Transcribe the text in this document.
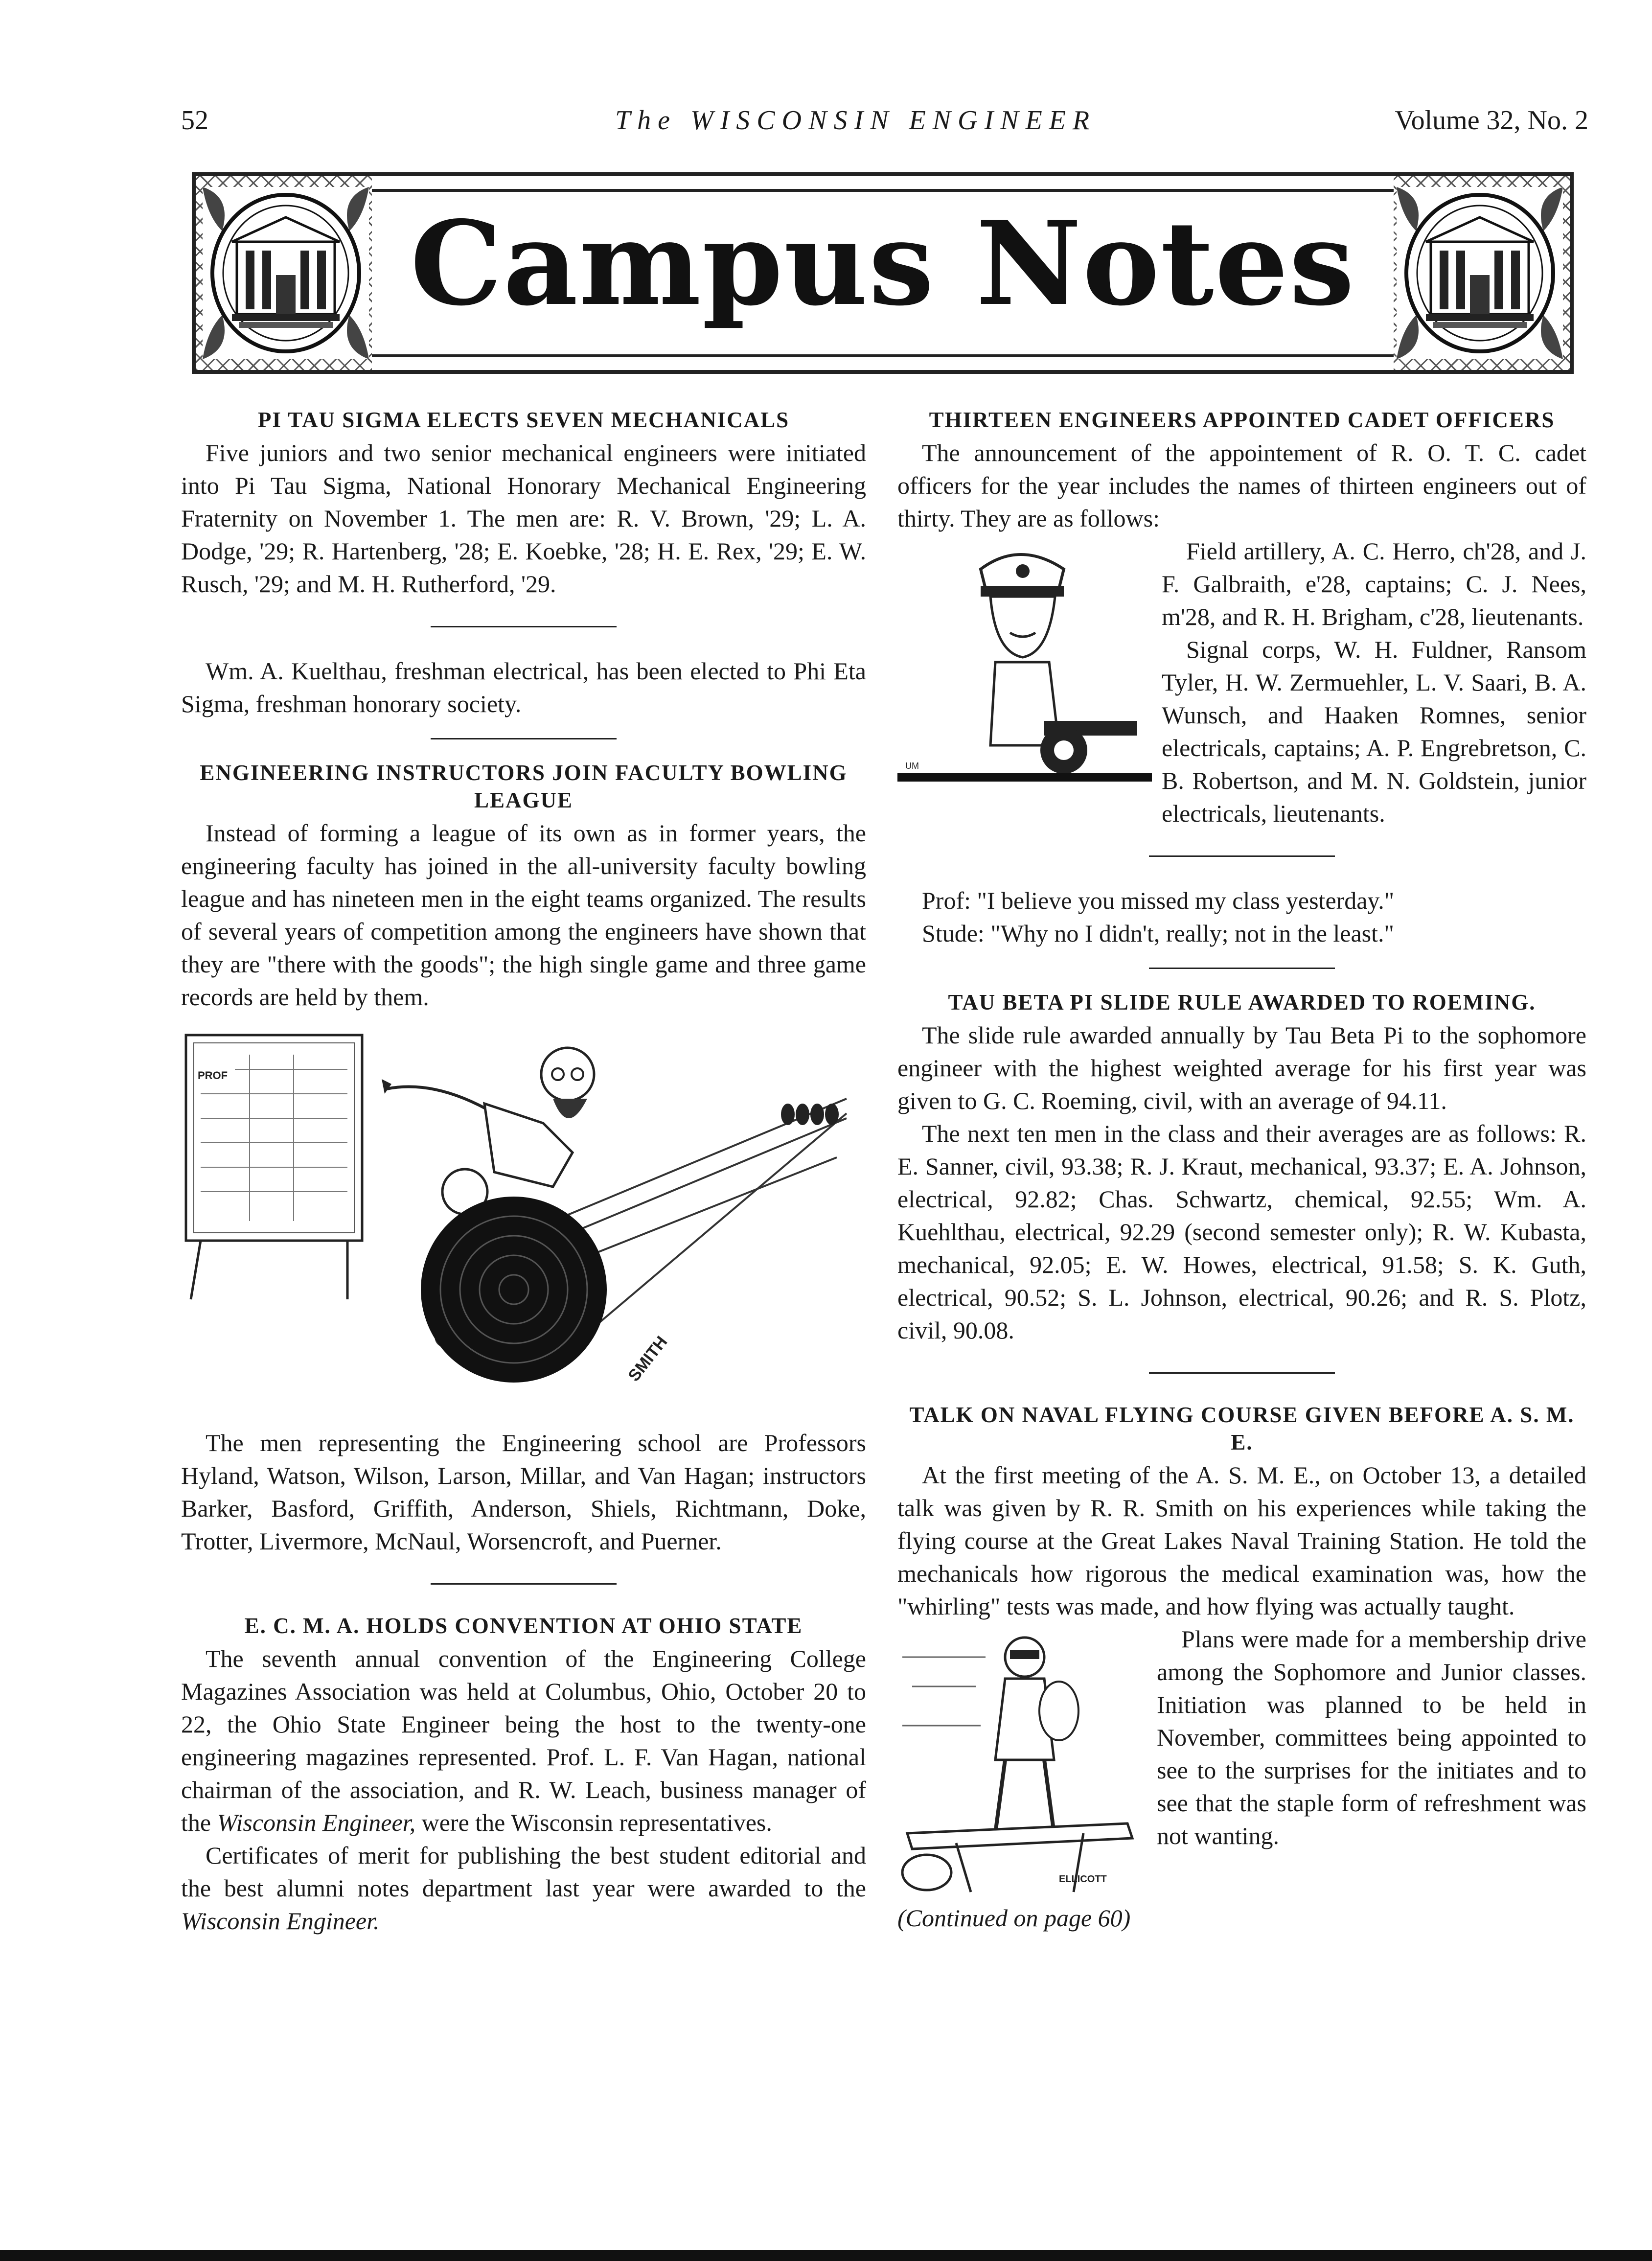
52	The WISCONSIN ENGINEER	Volume 32, No. 2
Campus Notes
PI TAU SIGMA ELECTS SEVEN MECHANICALS

Five juniors and two senior mechanical engineers were initiated into Pi Tau Sigma, National Honorary Mechanical Engineering Fraternity on November 1. The men are: R. V. Brown, '29; L. A. Dodge, '29; R. Hartenberg, '28; E. Koebke, '28; H. E. Rex, '29; E. W. Rusch, '29; and M. H. Rutherford, '29.

Wm. A. Kuelthau, freshman electrical, has been elected to Phi Eta Sigma, freshman honorary society.

ENGINEERING INSTRUCTORS JOIN FACULTY BOWLING LEAGUE

Instead of forming a league of its own as in former years, the engineering faculty has joined in the all-university faculty bowling league and has nineteen men in the eight teams organized. The results of several years of competition among the engineers have shown that they are "there with the goods"; the high single game and three game records are held by them.

PROF
SMITH

The men representing the Engineering school are Professors Hyland, Watson, Wilson, Larson, Millar, and Van Hagan; instructors Barker, Basford, Griffith, Anderson, Shiels, Richtmann, Doke, Trotter, Livermore, McNaul, Worsencroft, and Puerner.

E. C. M. A. HOLDS CONVENTION AT OHIO STATE

The seventh annual convention of the Engineering College Magazines Association was held at Columbus, Ohio, October 20 to 22, the Ohio State Engineer being the host to the twenty-one engineering magazines represented. Prof. L. F. Van Hagan, national chairman of the association, and R. W. Leach, business manager of the Wisconsin Engineer, were the Wisconsin representatives.

Certificates of merit for publishing the best student editorial and the best alumni notes department last year were awarded to the Wisconsin Engineer.

THIRTEEN ENGINEERS APPOINTED CADET OFFICERS

The announcement of the appointement of R. O. T. C. cadet officers for the year includes the names of thirteen engineers out of thirty. They are as follows:

UM

Field artillery, A. C. Herro, ch'28, and J. F. Galbraith, e'28, captains; C. J. Nees, m'28, and R. H. Brigham, c'28, lieutenants.

Signal corps, W. H. Fuldner, Ransom Tyler, H. W. Zermuehler, L. V. Saari, B. A. Wunsch, and Haaken Romnes, senior electricals, captains; A. P. Engrebretson, C. B. Robertson, and M. N. Goldstein, junior electricals, lieutenants.

Prof: "I believe you missed my class yesterday."

Stude: "Why no I didn't, really; not in the least."

TAU BETA PI SLIDE RULE AWARDED TO ROEMING.

The slide rule awarded annually by Tau Beta Pi to the sophomore engineer with the highest weighted average for his first year was given to G. C. Roeming, civil, with an average of 94.11.

The next ten men in the class and their averages are as follows: R. E. Sanner, civil, 93.38; R. J. Kraut, mechanical, 93.37; E. A. Johnson, electrical, 92.82; Chas. Schwartz, chemical, 92.55; Wm. A. Kuehlthau, electrical, 92.29 (second semester only); R. W. Kubasta, mechanical, 92.05; E. W. Howes, electrical, 91.58; S. K. Guth, electrical, 90.52; S. L. Johnson, electrical, 90.26; and R. S. Plotz, civil, 90.08.

TALK ON NAVAL FLYING COURSE GIVEN BEFORE A. S. M. E.

At the first meeting of the A. S. M. E., on October 13, a detailed talk was given by R. R. Smith on his experiences while taking the flying course at the Great Lakes Naval Training Station. He told the mechanicals how rigorous the medical examination was, how the "whirling" tests was made, and how flying was actually taught.

ELLICOTT

Plans were made for a membership drive among the Sophomore and Junior classes. Initiation was planned to be held in November, committees being appointed to see to the surprises for the initiates and to see that the staple form of refreshment was not wanting.

(Continued on page 60)
